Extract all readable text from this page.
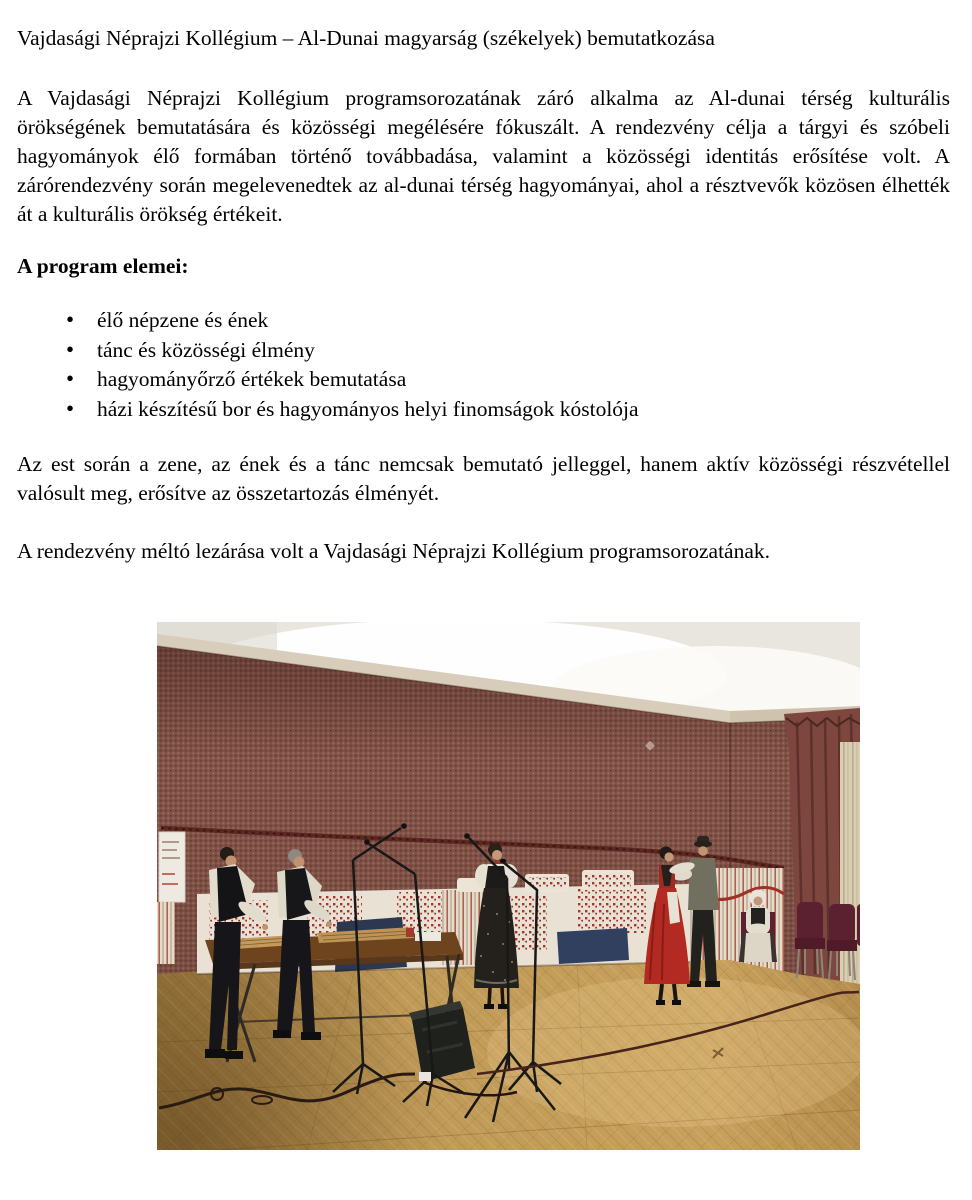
Vajdasági Néprajzi Kollégium – Al-Dunai magyarság (székelyek) bemutatkozása

A Vajdasági Néprajzi Kollégium programsorozatának záró alkalma az Al-dunai térség kulturális örökségének bemutatására és közösségi megélésére fókuszált. A rendezvény célja a tárgyi és szóbeli hagyományok élő formában történő továbbadása, valamint a közösségi identitás erősítése volt. A zárórendezvény során megelevenedtek az al-dunai térség hagyományai, ahol a résztvevők közösen élhették át a kulturális örökség értékeit.

A program elemei:

• élő népzene és ének
• tánc és közösségi élmény
• hagyományőrző értékek bemutatása
• házi készítésű bor és hagyományos helyi finomságok kóstolója

Az est során a zene, az ének és a tánc nemcsak bemutató jelleggel, hanem aktív közösségi részvétellel valósult meg, erősítve az összetartozás élményét.

A rendezvény méltó lezárása volt a Vajdasági Néprajzi Kollégium programsorozatának.
